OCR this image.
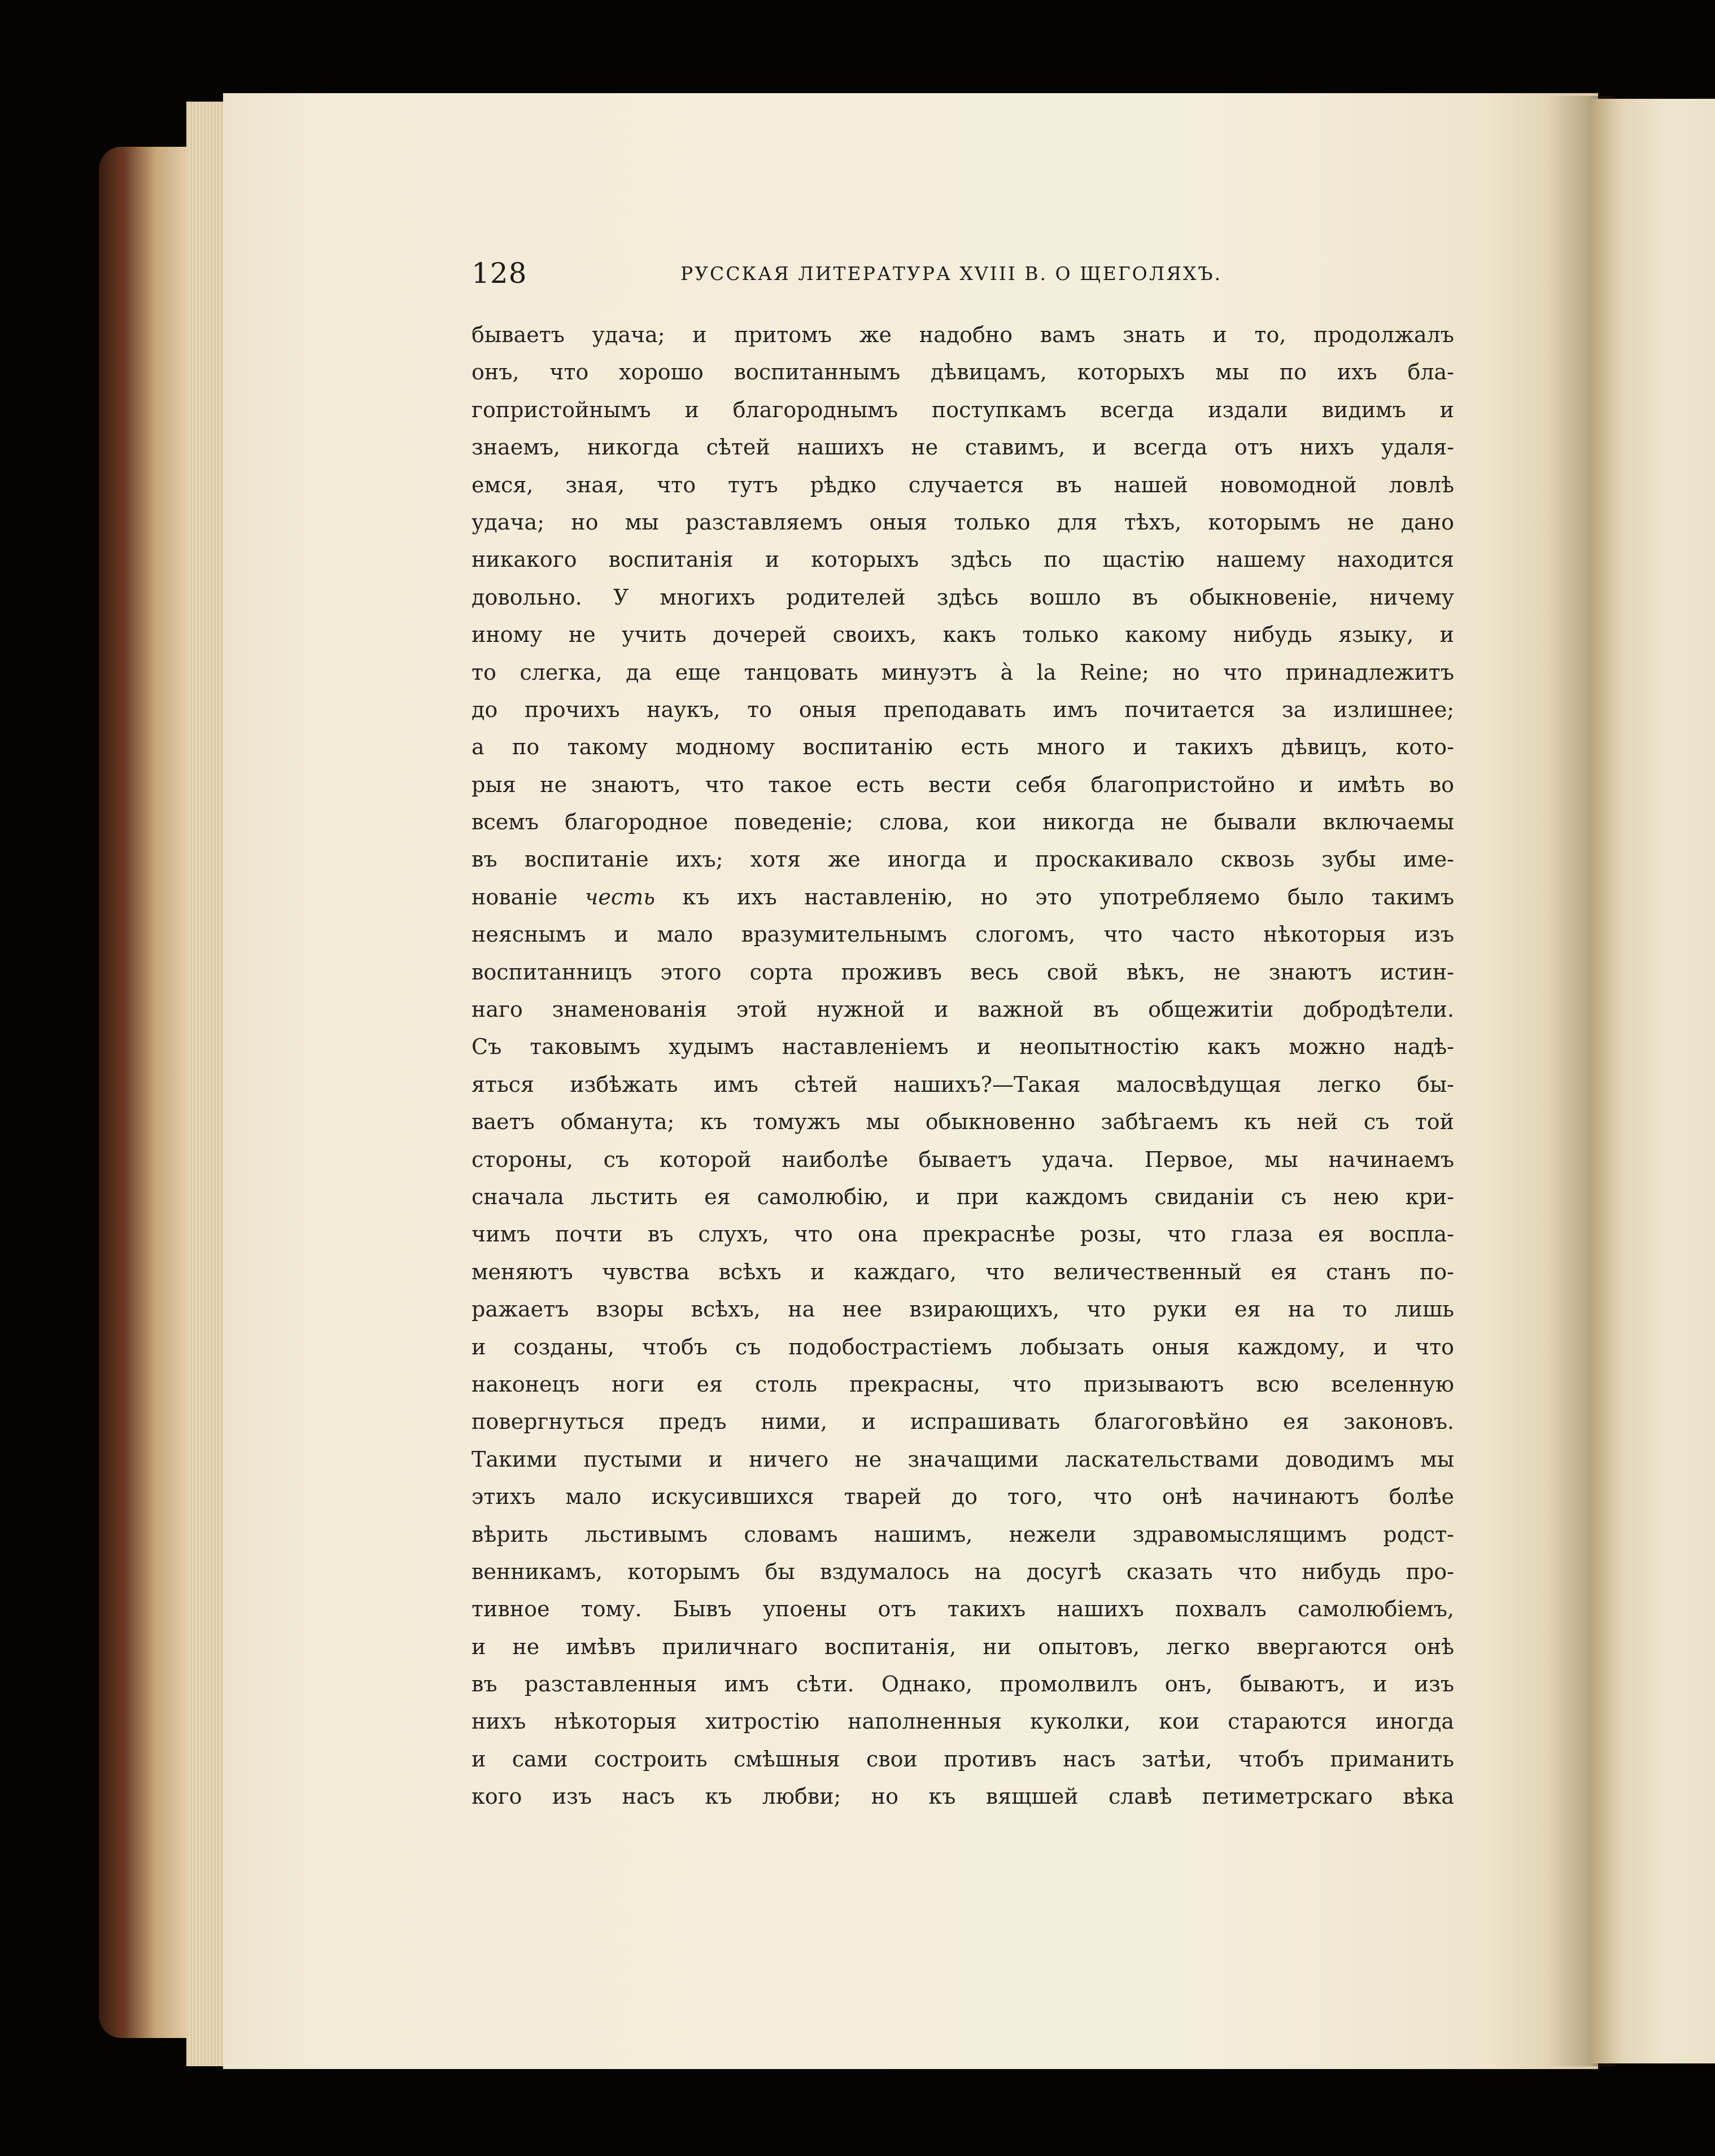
128	РУССКАЯ ЛИТЕРАТУРА XVIII В. О ЩЕГОЛЯХЪ.
бываетъ удача; и притомъ же надобно вамъ знать и то, продолжалъ
онъ, что хорошо воспитаннымъ дѣвицамъ, которыхъ мы по ихъ бла-
гопристойнымъ и благороднымъ поступкамъ всегда издали видимъ и
знаемъ, никогда сѣтей нашихъ не ставимъ, и всегда отъ нихъ удаля-
емся, зная, что тутъ рѣдко случается въ нашей новомодной ловлѣ
удача; но мы разставляемъ оныя только для тѣхъ, которымъ не дано
никакого воспитанія и которыхъ здѣсь по щастію нашему находится
довольно. У многихъ родителей здѣсь вошло въ обыкновеніе, ничему
иному не учить дочерей своихъ, какъ только какому нибудь языку, и
то слегка, да еще танцовать минуэтъ à la Reine; но что принадлежитъ
до прочихъ наукъ, то оныя преподавать имъ почитается за излишнее;
а по такому модному воспитанію есть много и такихъ дѣвицъ, кото-
рыя не знаютъ, что такое есть вести себя благопристойно и имѣть во
всемъ благородное поведеніе; слова, кои никогда не бывали включаемы
въ воспитаніе ихъ; хотя же иногда и проскакивало сквозь зубы име-
нованіе честь къ ихъ наставленію, но это употребляемо было такимъ
неяснымъ и мало вразумительнымъ слогомъ, что часто нѣкоторыя изъ
воспитанницъ этого сорта проживъ весь свой вѣкъ, не знаютъ истин-
наго знаменованія этой нужной и важной въ общежитіи добродѣтели.
Съ таковымъ худымъ наставленіемъ и неопытностію какъ можно надѣ-
яться избѣжать имъ сѣтей нашихъ?—Такая малосвѣдущая легко бы-
ваетъ обманута; къ томужъ мы обыкновенно забѣгаемъ къ ней съ той
стороны, съ которой наиболѣе бываетъ удача. Первое, мы начинаемъ
сначала льстить ея самолюбію, и при каждомъ свиданіи съ нею кри-
чимъ почти въ слухъ, что она прекраснѣе розы, что глаза ея воспла-
меняютъ чувства всѣхъ и каждаго, что величественный ея станъ по-
ражаетъ взоры всѣхъ, на нее взирающихъ, что руки ея на то лишь
и созданы, чтобъ съ подобострастіемъ лобызать оныя каждому, и что
наконецъ ноги ея столь прекрасны, что призываютъ всю вселенную
повергнуться предъ ними, и испрашивать благоговѣйно ея законовъ.
Такими пустыми и ничего не значащими ласкательствами доводимъ мы
этихъ мало искусившихся тварей до того, что онѣ начинаютъ болѣе
вѣрить льстивымъ словамъ нашимъ, нежели здравомыслящимъ родст-
венникамъ, которымъ бы вздумалось на досугѣ сказать что нибудь про-
тивное тому. Бывъ упоены отъ такихъ нашихъ похвалъ самолюбіемъ,
и не имѣвъ приличнаго воспитанія, ни опытовъ, легко ввергаются онѣ
въ разставленныя имъ сѣти. Однако, промолвилъ онъ, бываютъ, и изъ
нихъ нѣкоторыя хитростію наполненныя куколки, кои стараются иногда
и сами состроить смѣшныя свои противъ насъ затѣи, чтобъ приманить
кого изъ насъ къ любви; но къ вящшей славѣ петиметрскаго вѣка
